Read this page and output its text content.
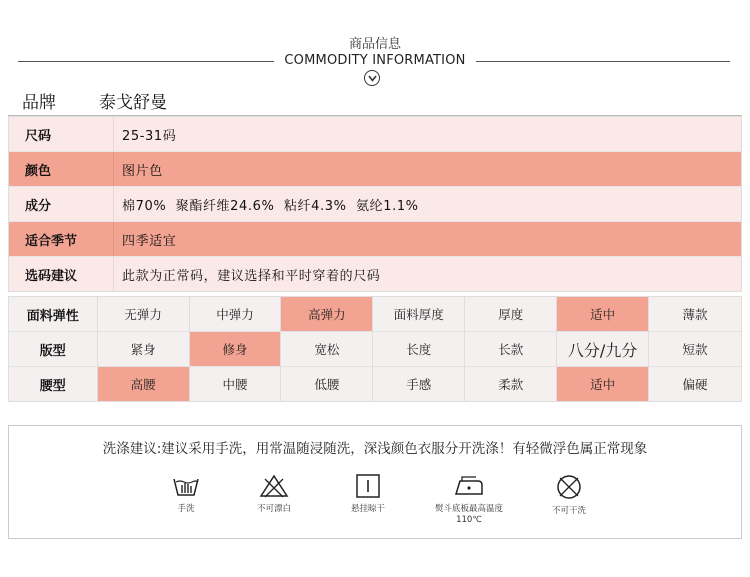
商品信息
COMMODITY INFORMATION
品牌	泰戈舒曼
尺码	25-31码
颜色	图片色
成分	棉70%  聚酯纤维24.6%  粘纤4.3%  氨纶1.1%
适合季节	四季适宜
选码建议	此款为正常码，建议选择和平时穿着的尺码
面料弹性	无弹力	中弹力	高弹力	面料厚度	厚度	适中	薄款
版型	紧身	修身	宽松	长度	长款	八分/九分	短款
腰型	高腰	中腰	低腰	手感	柔款	适中	偏硬
洗涤建议:建议采用手洗，用常温随浸随洗，深浅颜色衣服分开洗涤！有轻微浮色属正常现象
手洗	不可漂白	悬挂晾干	熨斗底板最高温度110℃
不可干洗
